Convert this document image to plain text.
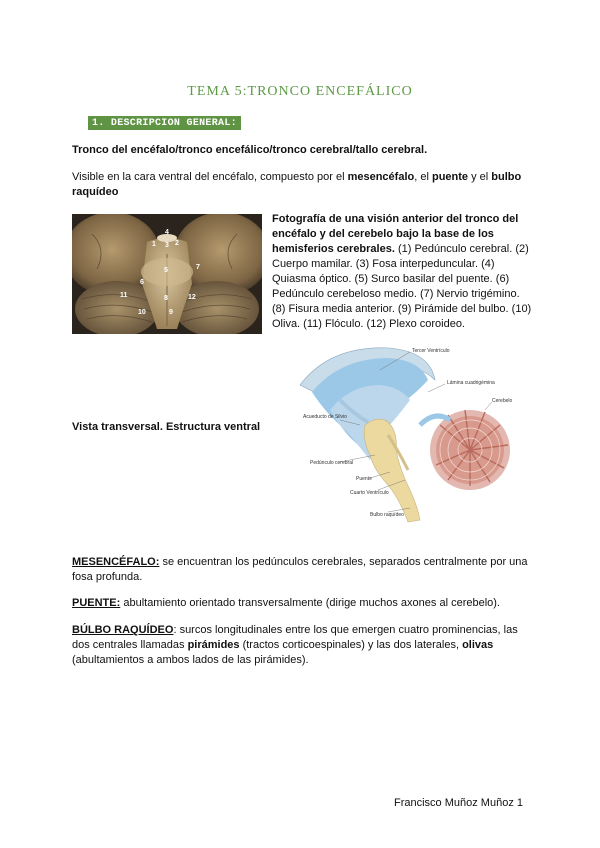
TEMA 5:TRONCO ENCEFÁLICO
1. DESCRIPCION GENERAL:
Tronco del encéfalo/tronco encefálico/tronco cerebral/tallo cerebral.
Visible en la cara ventral del encéfalo, compuesto por el mesencéfalo, el puente y el bulbo raquídeo
4
1 3 2
5	7
6
11	12
8
9
10
Fotografía de una visión anterior del tronco del encéfalo y del cerebelo bajo la base de los hemisferios cerebrales. (1) Pedúnculo cerebral. (2) Cuerpo mamilar. (3) Fosa interpeduncular. (4) Quiasma óptico. (5) Surco basilar del puente. (6) Pedúnculo cerebeloso medio. (7) Nervio trigémino. (8) Fisura media anterior. (9) Pirámide del bulbo. (10) Oliva. (11) Flóculo. (12) Plexo coroideo.
Vista transversal. Estructura ventral
Tercer Ventrículo
Lámina cuadrigémina
Cerebelo
Acueducto de Silvio
Pedúnculo cerebral
Puente
Cuarto Ventrículo
Bulbo raquídeo
MESENCÉFALO: se encuentran los pedúnculos cerebrales, separados centralmente por una fosa profunda.
PUENTE: abultamiento orientado transversalmente (dirige muchos axones al cerebelo).
BÚLBO RAQUÍDEO: surcos longitudinales entre los que emergen cuatro prominencias, las dos centrales llamadas pirámides (tractos corticoespinales) y las dos laterales, olivas (abultamientos a ambos lados de las pirámides).
Francisco Muñoz Muñoz 1
